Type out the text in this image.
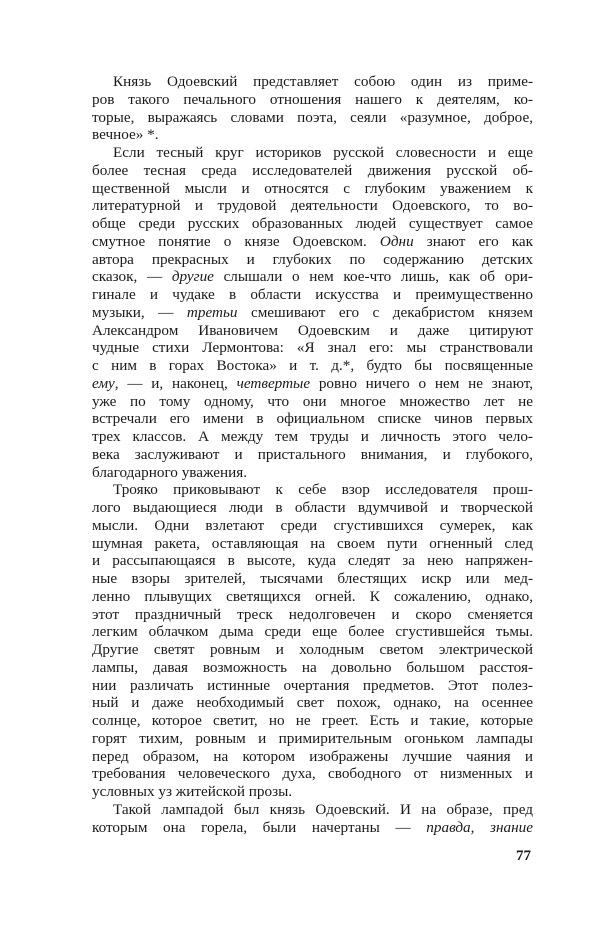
Князь Одоевский представляет собою один из приме-
ров такого печального отношения нашего к деятелям, ко-
торые, выражаясь словами поэта, сеяли «разумное, доброе,
вечное» *.
Если тесный круг историков русской словесности и еще
более тесная среда исследователей движения русской об-
щественной мысли и относятся с глубоким уважением к
литературной и трудовой деятельности Одоевского, то во-
обще среди русских образованных людей существует самое
смутное понятие о князе Одоевском. Одни знают его как
автора прекрасных и глубоких по содержанию детских
сказок, — другие слышали о нем кое-что лишь, как об ори-
гинале и чудаке в области искусства и преимущественно
музыки, — третьи смешивают его с декабристом князем
Александром Ивановичем Одоевским и даже цитируют
чудные стихи Лермонтова: «Я знал его: мы странствовали
с ним в горах Востока» и т. д.*, будто бы посвященные
ему, — и, наконец, четвертые ровно ничего о нем не знают,
уже по тому одному, что они многое множество лет не
встречали его имени в официальном списке чинов первых
трех классов. А между тем труды и личность этого чело-
века заслуживают и пристального внимания, и глубокого,
благодарного уважения.
Трояко приковывают к себе взор исследователя прош-
лого выдающиеся люди в области вдумчивой и творческой
мысли. Одни взлетают среди сгустившихся сумерек, как
шумная ракета, оставляющая на своем пути огненный след
и рассыпающаяся в высоте, куда следят за нею напряжен-
ные взоры зрителей, тысячами блестящих искр или мед-
ленно плывущих светящихся огней. К сожалению, однако,
этот праздничный треск недолговечен и скоро сменяется
легким облачком дыма среди еще более сгустившейся тьмы.
Другие светят ровным и холодным светом электрической
лампы, давая возможность на довольно большом расстоя-
нии различать истинные очертания предметов. Этот полез-
ный и даже необходимый свет похож, однако, на осеннее
солнце, которое светит, но не греет. Есть и такие, которые
горят тихим, ровным и примирительным огоньком лампады
перед образом, на котором изображены лучшие чаяния и
требования человеческого духа, свободного от низменных и
условных уз житейской прозы.
Такой лампадой был князь Одоевский. И на образе, пред
которым она горела, были начертаны — правда, знание
77
